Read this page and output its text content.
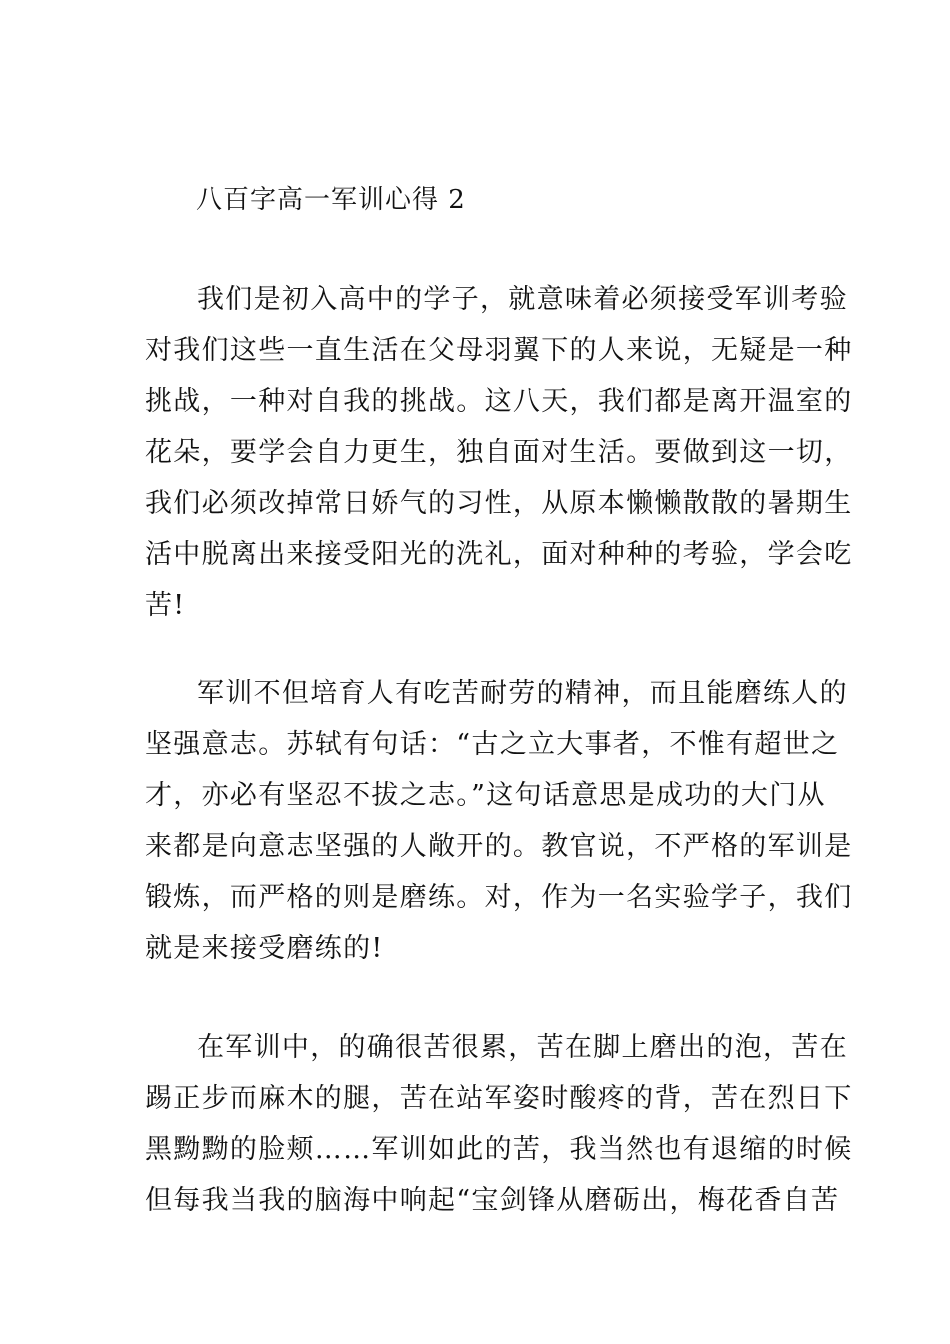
八百字高一军训心得 2
我们是初入高中的学子，就意味着必须接受军训考验
对我们这些一直生活在父母羽翼下的人来说，无疑是一种
挑战，一种对自我的挑战。这八天，我们都是离开温室的
花朵，要学会自力更生，独自面对生活。要做到这一切，
我们必须改掉常日娇气的习性，从原本懒懒散散的暑期生
活中脱离出来接受阳光的洗礼，面对种种的考验，学会吃
苦!
军训不但培育人有吃苦耐劳的精神，而且能磨练人的
坚强意志。苏轼有句话：“古之立大事者，不惟有超世之
才，亦必有坚忍不拔之志。”这句话意思是成功的大门从
来都是向意志坚强的人敞开的。教官说，不严格的军训是
锻炼，而严格的则是磨练。对，作为一名实验学子，我们
就是来接受磨练的!
在军训中，的确很苦很累，苦在脚上磨出的泡，苦在
踢正步而麻木的腿，苦在站军姿时酸疼的背，苦在烈日下
黑黝黝的脸颊……军训如此的苦，我当然也有退缩的时候
但每我当我的脑海中响起“宝剑锋从磨砺出，梅花香自苦
